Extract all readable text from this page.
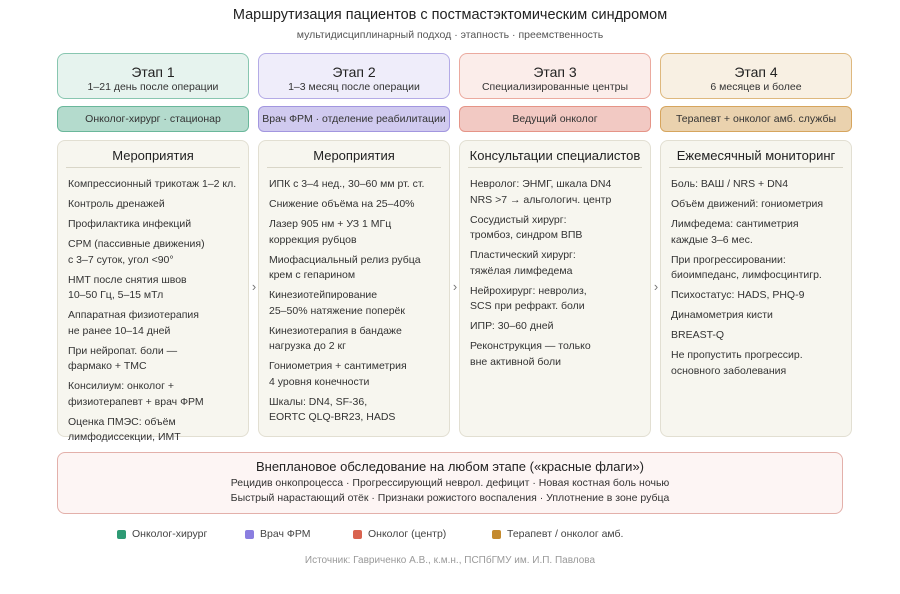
Маршрутизация пациентов с постмастэктомическим синдромом
мультидисциплинарный подход · этапность · преемственность
Этап 1
1–21 день после операции
Онколог-хирург · стационар
Мероприятия
Компрессионный трикотаж 1–2 кл.
Контроль дренажей
Профилактика инфекций
CPM (пассивные движения)
с 3–7 суток, угол <90°
НМТ после снятия швов
10–50 Гц, 5–15 мТл
Аппаратная физиотерапия
не ранее 10–14 дней
При нейропат. боли —
фармако + ТМС
Консилиум: онколог +
физиотерапевт + врач ФРМ
Оценка ПМЭС: объём
лимфодиссекции, ИМТ
Этап 2
1–3 месяц после операции
Врач ФРМ · отделение реабилитации
Мероприятия
ИПК с 3–4 нед., 30–60 мм рт. ст.
Снижение объёма на 25–40%
Лазер 905 нм + УЗ 1 МГц
коррекция рубцов
Миофасциальный релиз рубца
крем с гепарином
Кинезиотейпирование
25–50% натяжение поперёк
Кинезиотерапия в бандаже
нагрузка до 2 кг
Гониометрия + сантиметрия
4 уровня конечности
Шкалы: DN4, SF-36,
EORTC QLQ-BR23, HADS
Этап 3
Специализированные центры
Ведущий онколог
Консультации специалистов
Невролог: ЭНМГ, шкала DN4
NRS >7 → альгологич. центр
Сосудистый хирург:
тромбоз, синдром ВПВ
Пластический хирург:
тяжёлая лимфедема
Нейрохирург: невролиз,
SCS при рефракт. боли
ИПР: 30–60 дней
Реконструкция — только
вне активной боли
Этап 4
6 месяцев и более
Терапевт + онколог амб. службы
Ежемесячный мониторинг
Боль: ВАШ / NRS + DN4
Объём движений: гониометрия
Лимфедема: сантиметрия
каждые 3–6 мес.
При прогрессировании:
биоимпеданс, лимфосцинтигр.
Психостатус: HADS, PHQ-9
Динамометрия кисти
BREAST-Q
Не пропустить прогрессир.
основного заболевания
›	›	›
Внеплановое обследование на любом этапе («красные флаги»)
Рецидив онкопроцесса · Прогрессирующий неврол. дефицит · Новая костная боль ночью
Быстрый нарастающий отёк · Признаки рожистого воспаления · Уплотнение в зоне рубца
Онколог-хирург	Врач ФРМ	Онколог (центр)	Терапевт / онколог амб.
Источник: Гавриченко А.В., к.м.н., ПСПбГМУ им. И.П. Павлова
